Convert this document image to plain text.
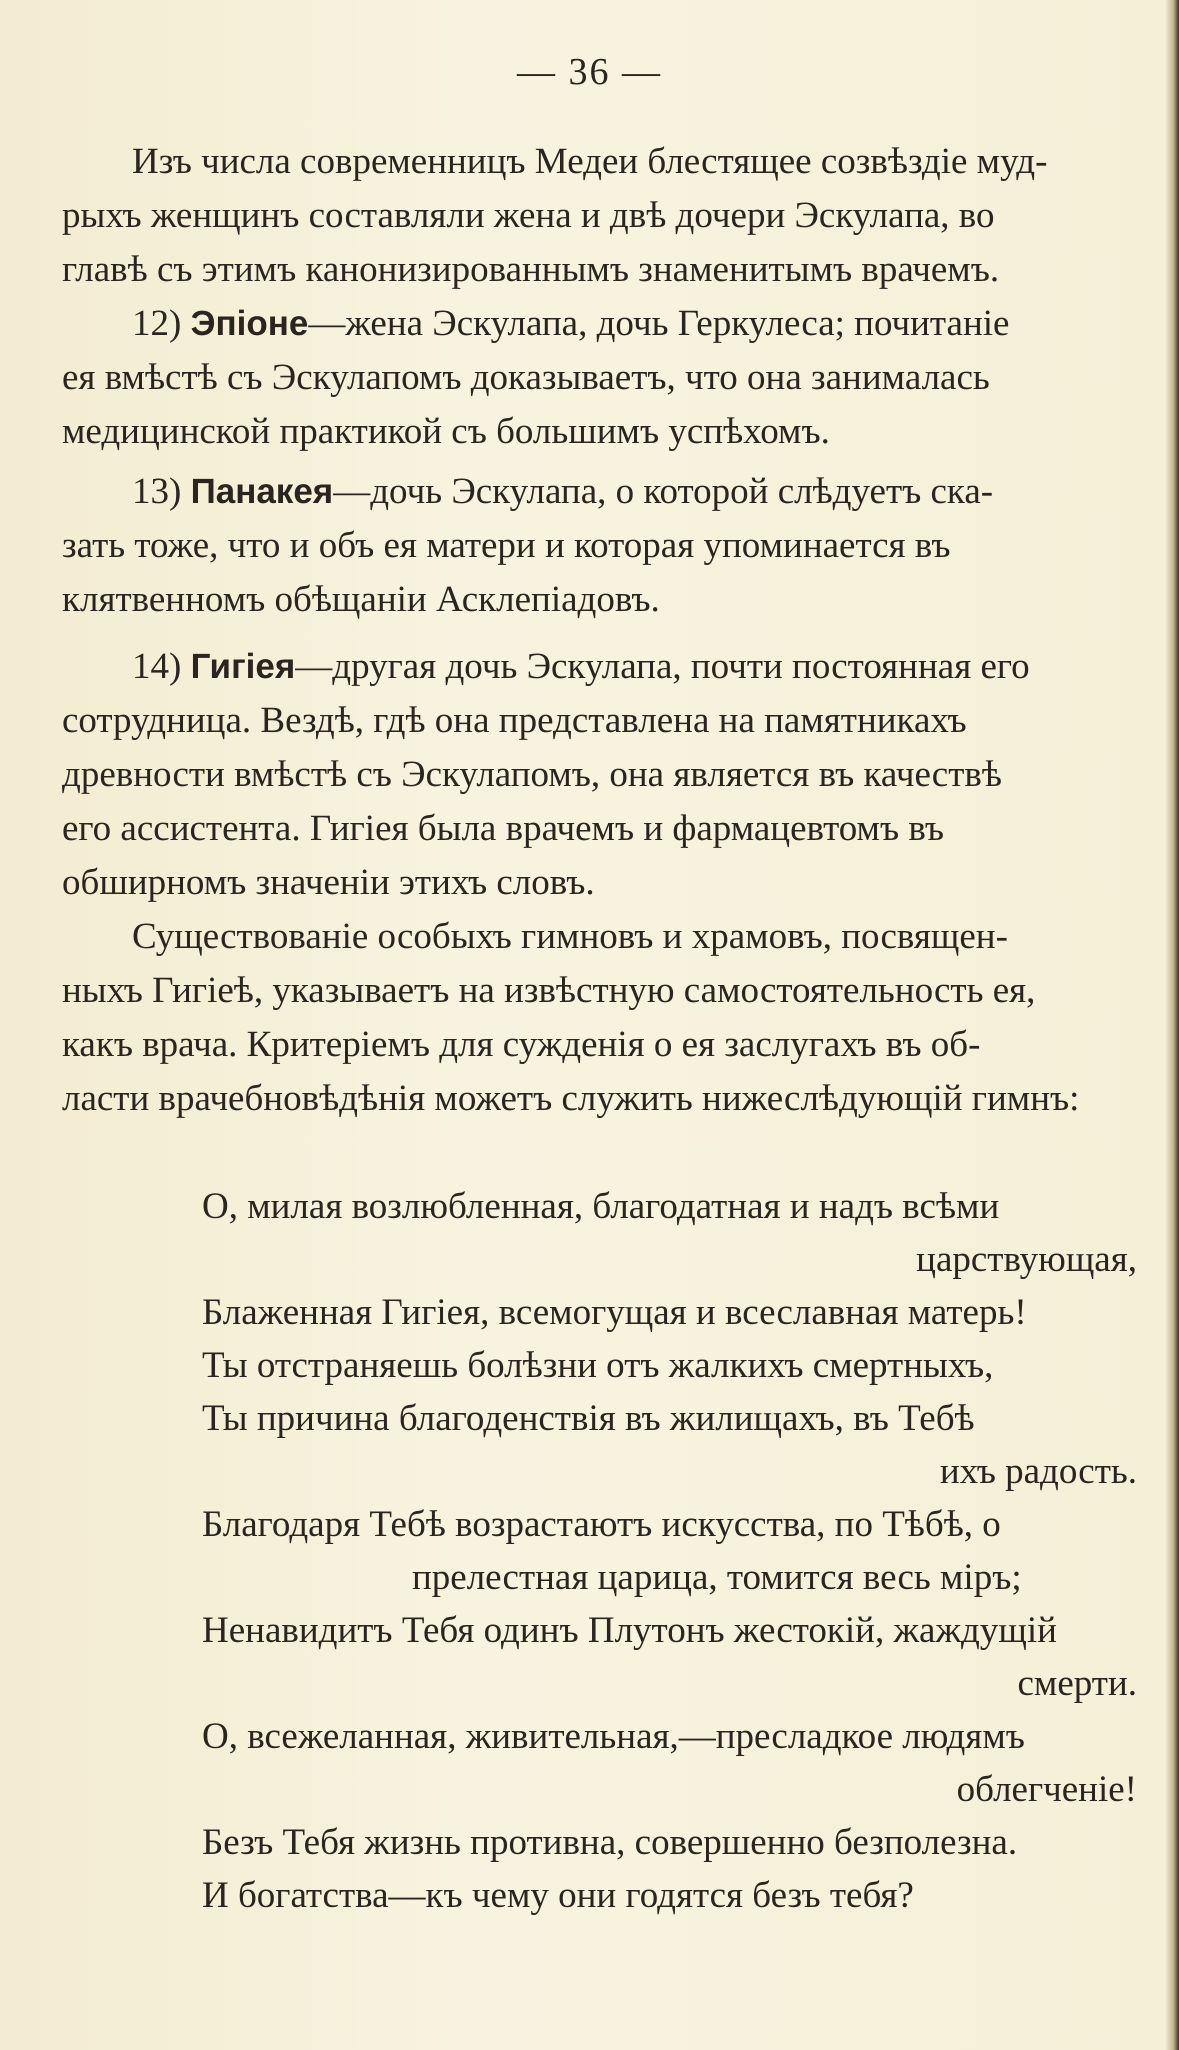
— 36 —
Изъ числа современницъ Медеи блестящее созвѣздіе муд-
рыхъ женщинъ составляли жена и двѣ дочери Эскулапа, во
главѣ съ этимъ канонизированнымъ знаменитымъ врачемъ.
12) Эпіоне—жена Эскулапа, дочь Геркулеса; почитаніе
ея вмѣстѣ съ Эскулапомъ доказываетъ, что она занималась
медицинской практикой съ большимъ успѣхомъ.
13) Панакея—дочь Эскулапа, о которой слѣдуетъ ска-
зать тоже, что и объ ея матери и которая упоминается въ
клятвенномъ обѣщаніи Асклепіадовъ.
14) Гигіея—другая дочь Эскулапа, почти постоянная его
сотрудница. Вездѣ, гдѣ она представлена на памятникахъ
древности вмѣстѣ съ Эскулапомъ, она является въ качествѣ
его ассистента. Гигіея была врачемъ и фармацевтомъ въ
обширномъ значеніи этихъ словъ.
Существованіе особыхъ гимновъ и храмовъ, посвящен-
ныхъ Гигіеѣ, указываетъ на извѣстную самостоятельность ея,
какъ врача. Критеріемъ для сужденія о ея заслугахъ въ об-
ласти врачебновѣдѣнія можетъ служить нижеслѣдующій гимнъ:
О, милая возлюбленная, благодатная и надъ всѣми
царствующая,
Блаженная Гигіея, всемогущая и всеславная матерь!
Ты отстраняешь болѣзни отъ жалкихъ смертныхъ,
Ты причина благоденствія въ жилищахъ, въ Тебѣ
ихъ радость.
Благодаря Тебѣ возрастаютъ искусства, по Тѣбѣ, о
прелестная царица, томится весь міръ;
Ненавидитъ Тебя одинъ Плутонъ жестокій, жаждущій
смерти.
О, всежеланная, живительная,—пресладкое людямъ
облегченіе!
Безъ Тебя жизнь противна, совершенно безполезна.
И богатства—къ чему они годятся безъ тебя?
